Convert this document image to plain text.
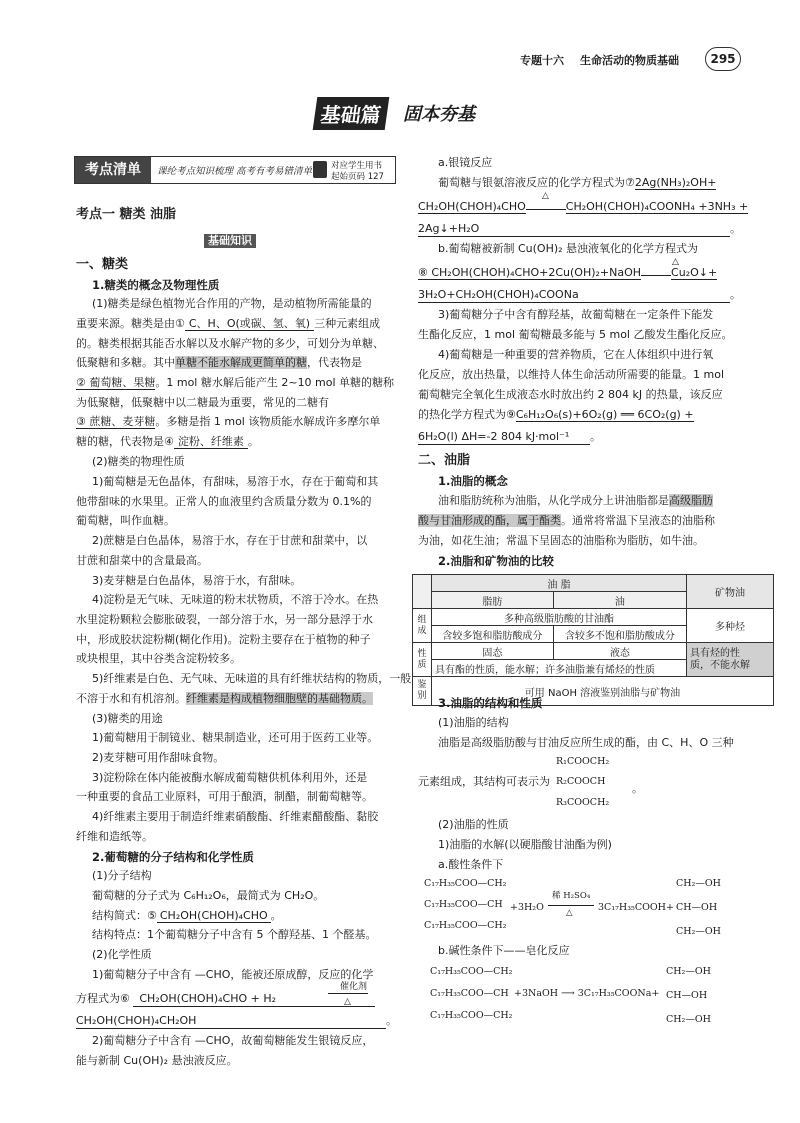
专题十六 生命活动的物质基础	295
基础篇	固本夯基
考点清单	课纶考点知识梳理 高考有考易错清单 对应学生用书
起始页码 127
考点一 糖类 油脂
基础知识
一、糖类
1.糖类的概念及物理性质
(1)糖类是绿色植物光合作用的产物，是动植物所需能量的
重要来源。糖类是由① C、H、O(或碳、氢、氧) 三种元素组成
的。糖类根据其能否水解以及水解产物的多少，可划分为单糖、
低聚糖和多糖。其中单糖不能水解成更简单的糖，代表物是
② 葡萄糖、果糖。1 mol 糖水解后能产生 2~10 mol 单糖的糖称
为低聚糖，低聚糖中以二糖最为重要，常见的二糖有
③ 蔗糖、麦芽糖。多糖是指 1 mol 该物质能水解成许多摩尔单
糖的糖，代表物是④ 淀粉、纤维素 。
(2)糖类的物理性质
1)葡萄糖是无色晶体，有甜味，易溶于水，存在于葡萄和其
他带甜味的水果里。正常人的血液里约含质量分数为 0.1%的
葡萄糖，叫作血糖。
2)蔗糖是白色晶体，易溶于水，存在于甘蔗和甜菜中，以
甘蔗和甜菜中的含量最高。
3)麦芽糖是白色晶体，易溶于水，有甜味。
4)淀粉是无气味、无味道的粉末状物质，不溶于冷水。在热
水里淀粉颗粒会膨胀破裂，一部分溶于水，另一部分悬浮于水
中，形成胶状淀粉糊(糊化作用)。淀粉主要存在于植物的种子
或块根里，其中谷类含淀粉较多。
5)纤维素是白色、无气味、无味道的具有纤维状结构的物质，一般
不溶于水和有机溶剂。纤维素是构成植物细胞壁的基础物质。
(3)糖类的用途
1)葡萄糖用于制镜业、糖果制造业，还可用于医药工业等。
2)麦芽糖可用作甜味食物。
3)淀粉除在体内能被酶水解成葡萄糖供机体利用外，还是
一种重要的食品工业原料，可用于酿酒，制醋，制葡萄糖等。
4)纤维素主要用于制造纤维素硝酸酯、纤维素醋酸酯、黏胶
纤维和造纸等。
2.葡萄糖的分子结构和化学性质
(1)分子结构
葡萄糖的分子式为 C₆H₁₂O₆，最简式为 CH₂O。
结构简式：⑤ CH₂OH(CHOH)₄CHO 。
结构特点：1个葡萄糖分子中含有 5 个醇羟基、1 个醛基。
(2)化学性质
1)葡萄糖分子中含有 —CHO，能被还原成醇，反应的化学
方程式为⑥ CH₂OH(CHOH)₄CHO + H₂
催化剂
△
CH₂OH(CHOH)₄CH₂OH	。
2)葡萄糖分子中含有 —CHO，故葡萄糖能发生银镜反应，
能与新制 Cu(OH)₂ 悬浊液反应。
a.银镜反应
葡萄糖与银氨溶液反应的化学方程式为⑦2Ag(NH₃)₂OH+
CH₂OH(CHOH)₄CHO	CH₂OH(CHOH)₄COONH₄ +3NH₃ +
△
2Ag↓+H₂O	。
b.葡萄糖被新制 Cu(OH)₂ 悬浊液氧化的化学方程式为
⑧ CH₂OH(CHOH)₄CHO+2Cu(OH)₂+NaOH	Cu₂O↓+
△
3H₂O+CH₂OH(CHOH)₄COONa	。
3)葡萄糖分子中含有醇羟基，故葡萄糖在一定条件下能发
生酯化反应，1 mol 葡萄糖最多能与 5 mol 乙酸发生酯化反应。
4)葡萄糖是一种重要的营养物质，它在人体组织中进行氧
化反应，放出热量，以维持人体生命活动所需要的能量。1 mol
葡萄糖完全氧化生成液态水时放出约 2 804 kJ 的热量，该反应
的热化学方程式为⑨C₆H₁₂O₆(s)+6O₂(g) ══ 6CO₂(g) +
6H₂O(l) ΔH=-2 804 kJ·mol⁻¹ 。
二、油脂
1.油脂的概念
油和脂肪统称为油脂，从化学成分上讲油脂都是高级脂肪
酸与甘油形成的酯，属于酯类。通常将常温下呈液态的油脂称
为油，如花生油；常温下呈固态的油脂称为脂肪，如牛油。
2.油脂和矿物油的比较
	油 脂		矿物油
	脂肪	油	
组成	多种高级脂肪酸的甘油酯		多种烃
	含较多饱和脂肪酸成分	含较多不饱和脂肪酸成分	
性质	固态	液态	具有烃的性
质，不能水解
	具有酯的性质，能水解；许多油脂兼有烯烃的性质		
鉴别	可用 NaOH 溶液鉴别油脂与矿物油		
3.油脂的结构和性质
(1)油脂的结构
油脂是高级脂肪酸与甘油反应所生成的酯，由 C、H、O 三种
R₁COOCH₂
元素组成，其结构可表示为 R₂COOCH
。
R₃COOCH₂
(2)油脂的性质
1)油脂的水解(以硬脂酸甘油酯为例)
a.酸性条件下
C₁₇H₃₅COO—CH₂
C₁₇H₃₅COO—CH
C₁₇H₃₅COO—CH₂
+3H₂O
稀 H₂SO₄
△	3C₁₇H₃₅COOH+
CH₂—OH
CH—OH
CH₂—OH
b.碱性条件下——皂化反应
C₁₇H₃₅COO—CH₂
C₁₇H₃₅COO—CH
C₁₇H₃₅COO—CH₂
+3NaOH ⟶ 3C₁₇H₃₅COONa+
CH₂—OH
CH—OH
CH₂—OH
